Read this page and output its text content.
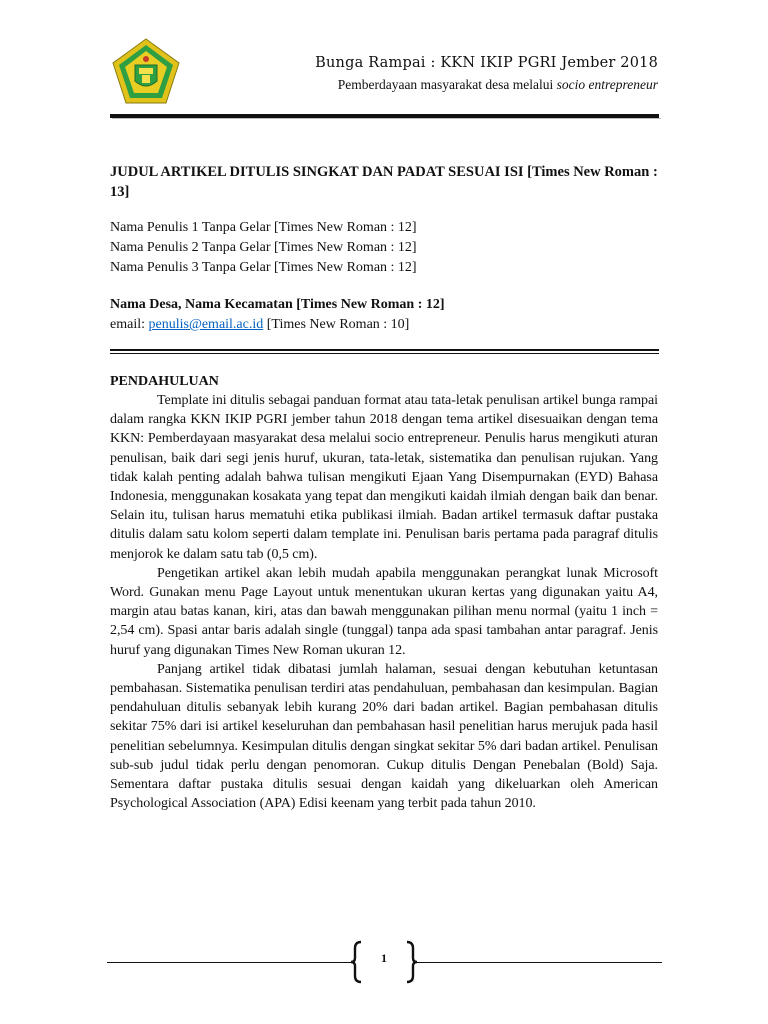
Bunga Rampai : KKN IKIP PGRI Jember 2018
Pemberdayaan masyarakat desa melalui socio entrepreneur
JUDUL ARTIKEL DITULIS SINGKAT DAN PADAT SESUAI ISI [Times New Roman : 13]
Nama Penulis 1 Tanpa Gelar [Times New Roman : 12]
Nama Penulis 2 Tanpa Gelar [Times New Roman : 12]
Nama Penulis 3 Tanpa Gelar [Times New Roman : 12]
Nama Desa, Nama Kecamatan [Times New Roman : 12]
email: penulis@email.ac.id [Times New Roman : 10]
PENDAHULUAN

Template ini ditulis sebagai panduan format atau tata-letak penulisan artikel bunga rampai dalam rangka KKN IKIP PGRI jember tahun 2018 dengan tema artikel disesuaikan dengan tema KKN: Pemberdayaan masyarakat desa melalui socio entrepreneur. Penulis harus mengikuti aturan penulisan, baik dari segi jenis huruf, ukuran, tata-letak, sistematika dan penulisan rujukan. Yang tidak kalah penting adalah bahwa tulisan mengikuti Ejaan Yang Disempurnakan (EYD) Bahasa Indonesia, menggunakan kosakata yang tepat dan mengikuti kaidah ilmiah dengan baik dan benar. Selain itu, tulisan harus mematuhi etika publikasi ilmiah. Badan artikel termasuk daftar pustaka ditulis dalam satu kolom seperti dalam template ini. Penulisan baris pertama pada paragraf ditulis menjorok ke dalam satu tab (0,5 cm).

Pengetikan artikel akan lebih mudah apabila menggunakan perangkat lunak Microsoft Word. Gunakan menu Page Layout untuk menentukan ukuran kertas yang digunakan yaitu A4, margin atau batas kanan, kiri, atas dan bawah menggunakan pilihan menu normal (yaitu 1 inch = 2,54 cm). Spasi antar baris adalah single (tunggal) tanpa ada spasi tambahan antar paragraf. Jenis huruf yang digunakan Times New Roman ukuran 12.

Panjang artikel tidak dibatasi jumlah halaman, sesuai dengan kebutuhan ketuntasan pembahasan. Sistematika penulisan terdiri atas pendahuluan, pembahasan dan kesimpulan. Bagian pendahuluan ditulis sebanyak lebih kurang 20% dari badan artikel. Bagian pembahasan ditulis sekitar 75% dari isi artikel keseluruhan dan pembahasan hasil penelitian harus merujuk pada hasil penelitian sebelumnya. Kesimpulan ditulis dengan singkat sekitar 5% dari badan artikel. Penulisan sub-sub judul tidak perlu dengan penomoran. Cukup ditulis Dengan Penebalan (Bold) Saja. Sementara daftar pustaka ditulis sesuai dengan kaidah yang dikeluarkan oleh American Psychological Association (APA) Edisi keenam yang terbit pada tahun 2010.

1
